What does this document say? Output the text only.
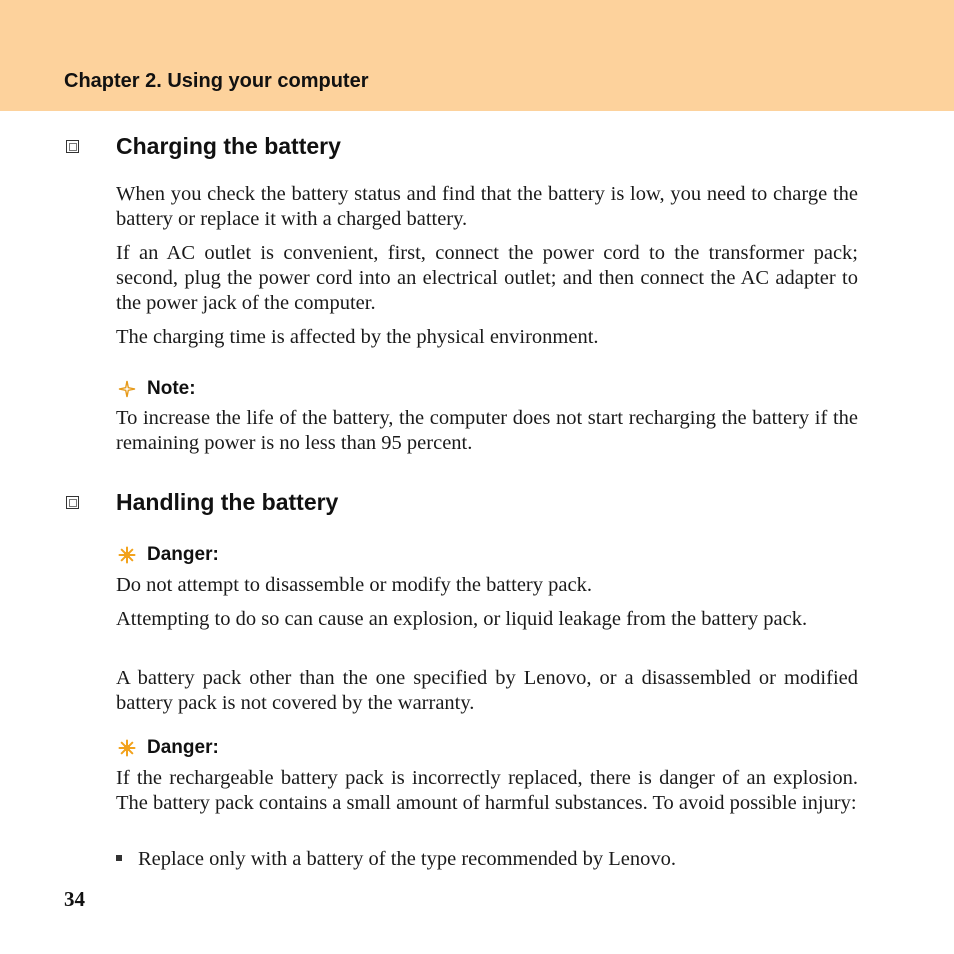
Chapter 2. Using your computer
Charging the battery
When you check the battery status and find that the battery is low, you need to charge the battery or replace it with a charged battery.
If an AC outlet is convenient, first, connect the power cord to the transformer pack; second, plug the power cord into an electrical outlet; and then connect the AC adapter to the power jack of the computer.
The charging time is affected by the physical environment.
Note:
To increase the life of the battery, the computer does not start recharging the battery if the remaining power is no less than 95 percent.
Handling the battery
Danger:
Do not attempt to disassemble or modify the battery pack.
Attempting to do so can cause an explosion, or liquid leakage from the battery pack.
A battery pack other than the one specified by Lenovo, or a disassembled or modified battery pack is not covered by the warranty.
Danger:
If the rechargeable battery pack is incorrectly replaced, there is danger of an explosion. The battery pack contains a small amount of harmful substances. To avoid possible injury:
Replace only with a battery of the type recommended by Lenovo.
34
